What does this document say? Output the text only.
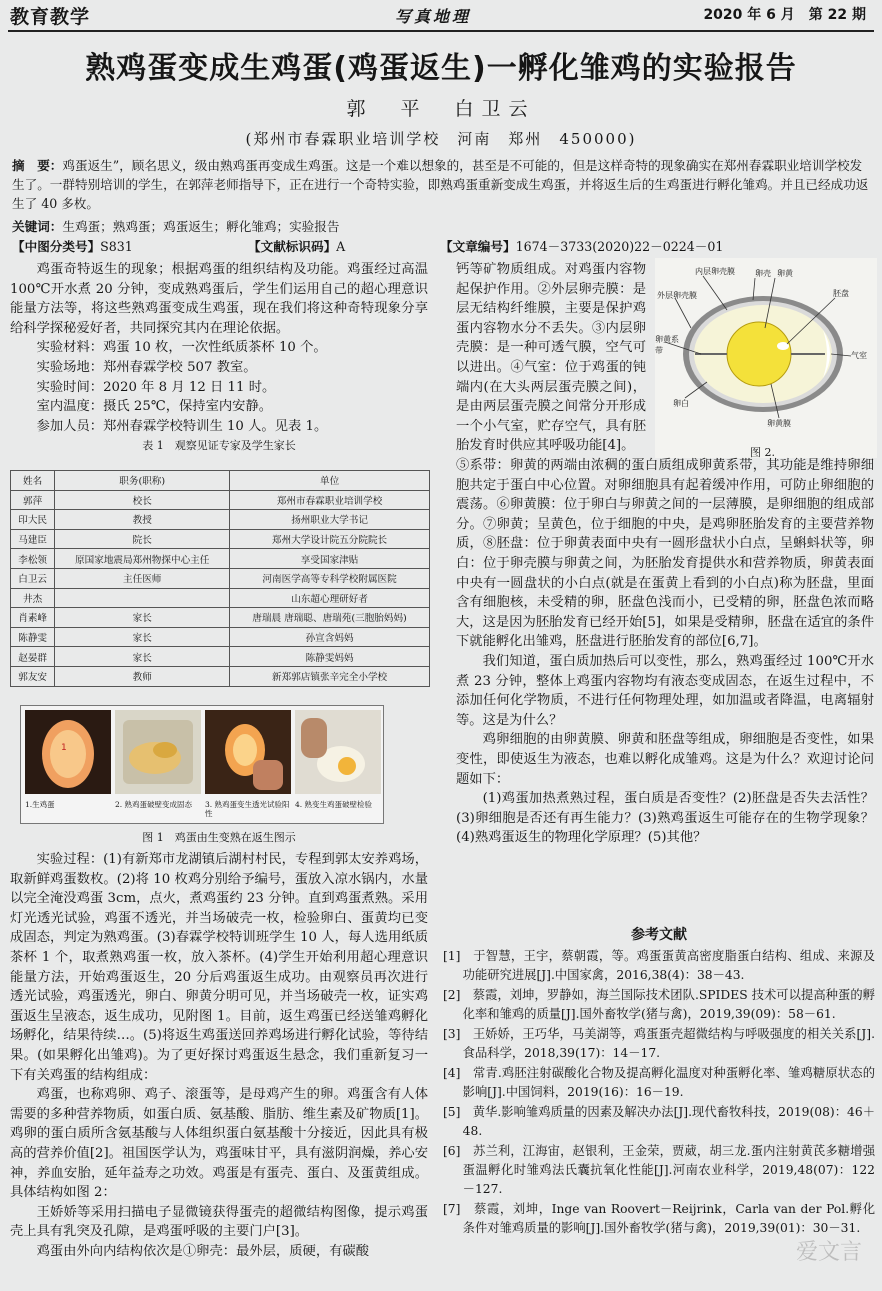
教育教学	写真地理	2020 年 6 月　第 22 期
熟鸡蛋变成生鸡蛋(鸡蛋返生)一孵化雏鸡的实验报告
郭　平　白卫云
(郑州市春霖职业培训学校　河南　郑州　450000)
摘　要：鸡蛋返生”，顾名思义，级由熟鸡蛋再变成生鸡蛋。这是一个难以想象的，甚至是不可能的，但是这样奇特的现象确实在郑州春霖职业培训学校发生了。一群特别培训的学生，在郭萍老师指导下，正在进行一个奇特实验，即熟鸡蛋重新变成生鸡蛋，并将返生后的生鸡蛋进行孵化雏鸡。并且已经成功返生了 40 多枚。
关键词：生鸡蛋；熟鸡蛋；鸡蛋返生；孵化雏鸡；实验报告
【中图分类号】S831	【文献标识码】A	【文章编号】1674－3733(2020)22－0224－01

鸡蛋奇特返生的现象；根据鸡蛋的组织结构及功能。鸡蛋经过高温 100℃开水煮 20 分钟，变成熟鸡蛋后，学生们运用自己的超心理意识能量方法等，将这些熟鸡蛋变成生鸡蛋，现在我们将这种奇特现象分享给科学探秘爱好者，共同探究其内在理论依据。

实验材料：鸡蛋 10 枚，一次性纸质茶杯 10 个。

实验场地：郑州春霖学校 507 教室。

实验时间：2020 年 8 月 12 日 11 时。

室内温度：摄氏 25℃，保持室内安静。

参加人员：郑州春霖学校特训生 10 人。见表 1。

表 1　观察见证专家及学生家长
姓名	职务(职称)	单位
郭萍	校长	郑州市春霖职业培训学校
印大民	教授	扬州职业大学书记
马建臣	院长	郑州大学设计院五分院院长
李松领	原国家地震局郑州物探中心主任	享受国家津贴
白卫云	主任医师	河南医学高等专科学校附属医院
井杰		山东超心理研好者
肖素峰	家长	唐瑞晨 唐瑞聪、唐瑞苑(三胞胎妈妈)
陈静雯	家长	孙宣含妈妈
赵晏群	家长	陈静雯妈妈
郭友安	教师	新郑郭店镇张辛完全小学校
1
1.生鸡蛋	2. 熟鸡蛋破壁变成固态	3. 熟鸡蛋变生透光试验阳性
4. 熟变生鸡蛋破壁检验
图 1　鸡蛋由生变熟在返生图示

实验过程：(1)有新郑市龙湖镇后湖村村民，专程到郭太安养鸡场，取新鲜鸡蛋数枚。(2)将 10 枚鸡分别给予编号，蛋放入凉水锅内，水量以完全淹没鸡蛋 3cm，点火，煮鸡蛋约 23 分钟。直到鸡蛋煮熟。采用灯光透光试验，鸡蛋不透光，并当场破壳一枚，检验卵白、蛋黄均已变成固态，判定为熟鸡蛋。(3)春霖学校特训班学生 10 人，每人选用纸质茶杯 1 个，取煮熟鸡蛋一枚，放入茶杯。(4)学生开始利用超心理意识能量方法，开始鸡蛋返生，20 分后鸡蛋返生成功。由观察员再次进行透光试验，鸡蛋透光，卵白、卵黄分明可见，并当场破壳一枚，证实鸡蛋返生呈液态，返生成功，见附图 1。目前，返生鸡蛋已经送雏鸡孵化场孵化，结果待续…。(5)将返生鸡蛋送回养鸡场进行孵化试验，等待结果。(如果孵化出雏鸡)。为了更好探讨鸡蛋返生悬念，我们重新复习一下有关鸡蛋的结构组成：

鸡蛋，也称鸡卵、鸡子、滚蛋等，是母鸡产生的卵。鸡蛋含有人体需要的多种营养物质，如蛋白质、氨基酸、脂肪、维生素及矿物质[1]。鸡卵的蛋白质所含氨基酸与人体组织蛋白氨基酸十分接近，因此具有极高的营养价值[2]。祖国医学认为，鸡蛋味甘平，具有滋阴润燥，养心安神，养血安胎，延年益寿之功效。鸡蛋是有蛋壳、蛋白、及蛋黄组成。具体结构如图 2：

王娇娇等采用扫描电子显微镜获得蛋壳的超微结构图像，提示鸡蛋壳上具有乳突及孔隙，是鸡蛋呼吸的主要门户[3]。

鸡蛋由外向内结构依次是①卵壳：最外层，质硬，有碳酸

钙等矿物质组成。对鸡蛋内容物起保护作用。②外层卵壳膜：是层无结构纤维膜，主要是保护鸡蛋内容物水分不丢失。③内层卵壳膜：是一种可透气膜，空气可以进出。④气室：位于鸡蛋的钝端内(在大头两层蛋壳膜之间)，是由两层蛋壳膜之间常分开形成一个小气室，贮存空气，具有胚胎发育时供应其呼吸功能[4]。

内层卵壳膜
外层卵壳膜
卵壳 卵黄
卵黄系带
胚盘
卵白
气室
卵黄膜
图 2.

⑤系带：卵黄的两端由浓稠的蛋白质组成卵黄系带，其功能是维持卵细胞共定于蛋白中心位置。对卵细胞具有起着缓冲作用，可防止卵细胞的震荡。⑥卵黄膜：位于卵白与卵黄之间的一层薄膜，是卵细胞的组成部分。⑦卵黄；呈黄色，位于细胞的中央，是鸡卵胚胎发育的主要营养物质，⑧胚盘：位于卵黄表面中央有一圆形盘状小白点，呈蝌蚪状等，卵白：位于卵壳膜与卵黄之间，为胚胎发育提供水和营养物质，卵黄表面中央有一圆盘状的小白点(就是在蛋黄上看到的小白点)称为胚盘，里面含有细胞核，未受精的卵，胚盘色浅而小，已受精的卵，胚盘色浓而略大，这是因为胚胎发育已经开始[5]，如果是受精卵，胚盘在适宜的条件下就能孵化出雏鸡，胚盘进行胚胎发育的部位[6,7]。

我们知道，蛋白质加热后可以变性，那么，熟鸡蛋经过 100℃开水煮 23 分钟，整体上鸡蛋内容物均有液态变成固态，在返生过程中，不添加任何化学物质，不进行任何物理处理，如加温或者降温，电离辐射等。这是为什么？

鸡卵细胞的由卵黄膜、卵黄和胚盘等组成，卵细胞是否变性，如果变性，即使返生为液态，也难以孵化成雏鸡。这是为什么？欢迎讨论问题如下：

(1)鸡蛋加热煮熟过程，蛋白质是否变性？(2)胚盘是否失去活性？(3)卵细胞是否还有再生能力？(3)熟鸡蛋返生可能存在的生物学现象？(4)熟鸡蛋返生的物理化学原理？(5)其他？

参考文献

[1]　于智慧，王宇，蔡朝霞，等。鸡蛋蛋黄高密度脂蛋白结构、组成、来源及功能研究进展[J].中国家禽，2016,38(4)：38－43.

[2]　蔡霞，刘坤，罗静如，海兰国际技术团队.SPIDES 技术可以提高种蛋的孵化率和雏鸡的质量[J].国外畜牧学(猪与禽)，2019,39(09)：58－61.

[3]　王娇娇，王巧华，马美湖等，鸡蛋蛋壳超微结构与呼吸强度的相关关系[J].食品科学，2018,39(17)：14－17.

[4]　常青.鸡胚注射碳酸化合物及提高孵化温度对种蛋孵化率、雏鸡糖原状态的影响[J].中国饲料，2019(16)：16－19.

[5]　黄华.影响雏鸡质量的因素及解决办法[J].现代畜牧科技，2019(08)：46＋48.

[6]　苏兰利，江海宙，赵银利，王金荣，贾葳，胡三龙.蛋内注射黄芪多糖增强蛋温孵化时雏鸡法氏囊抗氧化性能[J].河南农业科学，2019,48(07)：122－127.

[7]　蔡霞，刘坤，Inge van Roovert－Reijrink，Carla van der Pol.孵化条件对雏鸡质量的影响[J].国外畜牧学(猪与禽)，2019,39(01)：30－31.

爱文言
